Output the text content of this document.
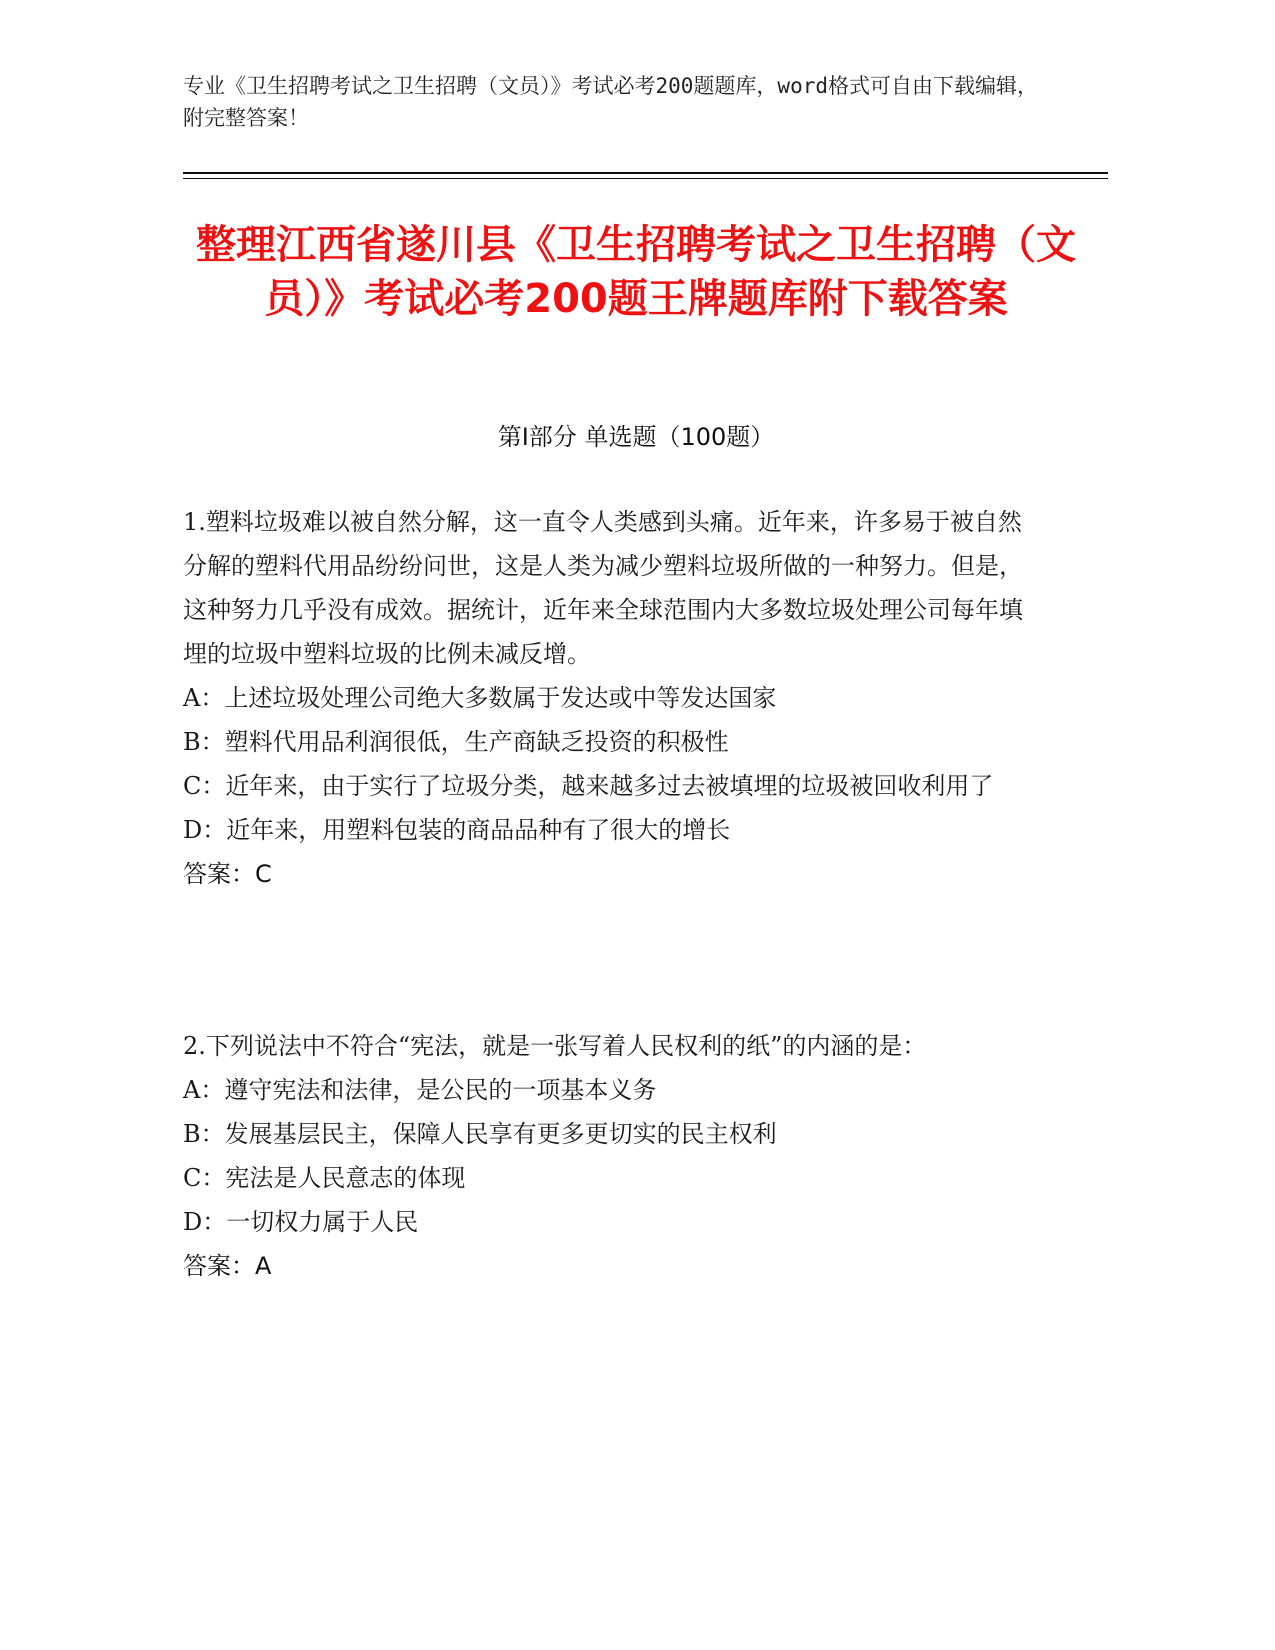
专业《卫生招聘考试之卫生招聘（文员）》考试必考200题题库，word格式可自由下载编辑，附完整答案！
整理江西省遂川县《卫生招聘考试之卫生招聘（文员）》考试必考200题王牌题库附下载答案
第Ⅰ部分 单选题（100题）

1.塑料垃圾难以被自然分解，这一直令人类感到头痛。近年来，许多易于被自然分解的塑料代用品纷纷问世，这是人类为减少塑料垃圾所做的一种努力。但是，这种努力几乎没有成效。据统计，近年来全球范围内大多数垃圾处理公司每年填埋的垃圾中塑料垃圾的比例未减反增。

A：上述垃圾处理公司绝大多数属于发达或中等发达国家

B：塑料代用品利润很低，生产商缺乏投资的积极性

C：近年来，由于实行了垃圾分类，越来越多过去被填埋的垃圾被回收利用了

D：近年来，用塑料包装的商品品种有了很大的增长

答案：C

2.下列说法中不符合“宪法，就是一张写着人民权利的纸”的内涵的是：

A：遵守宪法和法律，是公民的一项基本义务

B：发展基层民主，保障人民享有更多更切实的民主权利

C：宪法是人民意志的体现

D：一切权力属于人民

答案：A
